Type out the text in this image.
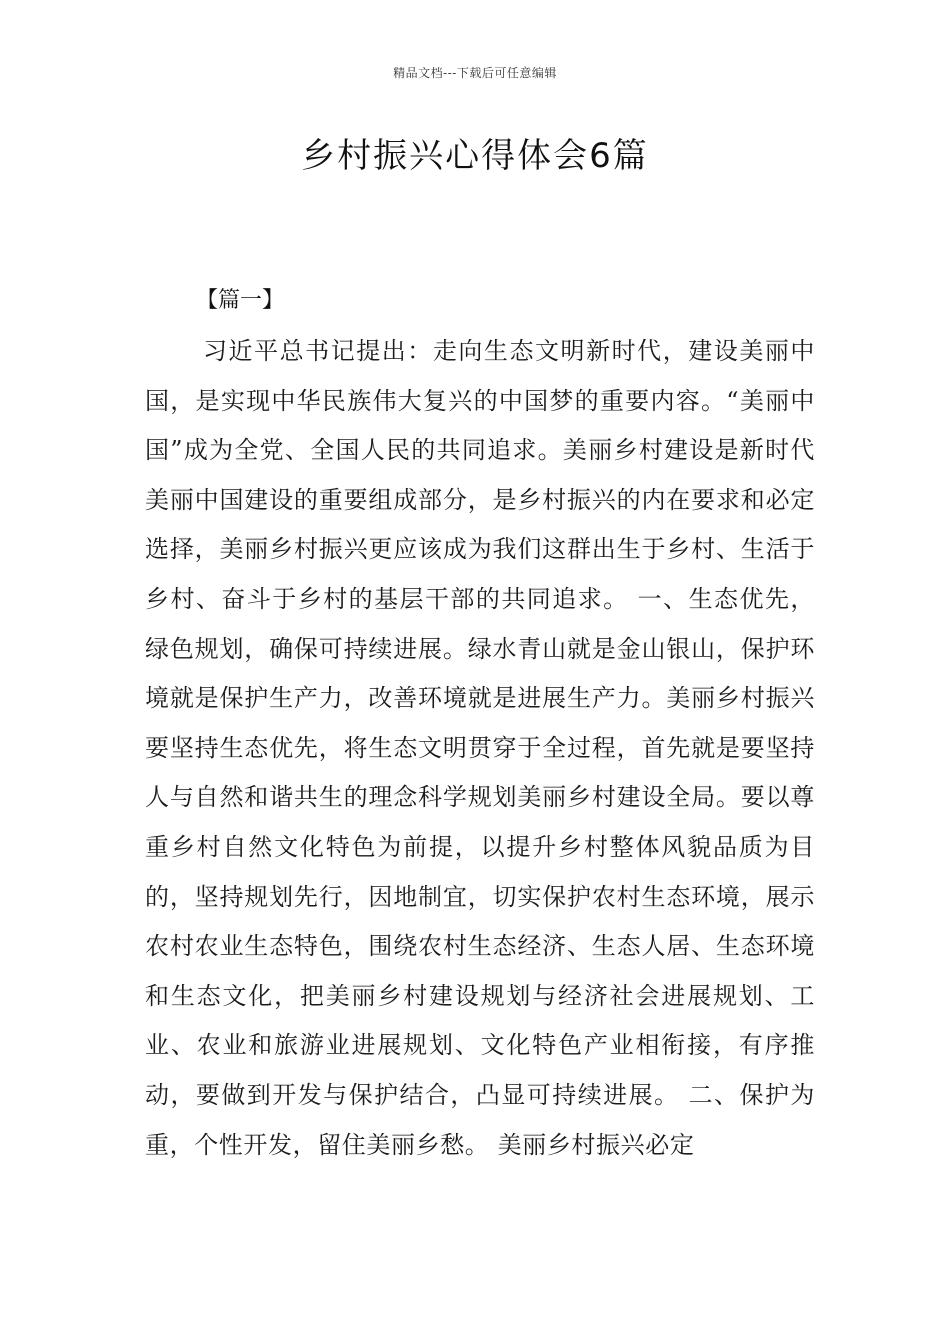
精品文档---下载后可任意编辑
乡村振兴心得体会6篇
【篇一】

习近平总书记提出：走向生态文明新时代，建设美丽中国，是实现中华民族伟大复兴的中国梦的重要内容。“美丽中国”成为全党、全国人民的共同追求。美丽乡村建设是新时代美丽中国建设的重要组成部分，是乡村振兴的内在要求和必定选择，美丽乡村振兴更应该成为我们这群出生于乡村、生活于乡村、奋斗于乡村的基层干部的共同追求。 一、生态优先，绿色规划，确保可持续进展。绿水青山就是金山银山，保护环境就是保护生产力，改善环境就是进展生产力。美丽乡村振兴要坚持生态优先，将生态文明贯穿于全过程，首先就是要坚持人与自然和谐共生的理念科学规划美丽乡村建设全局。要以尊重乡村自然文化特色为前提，以提升乡村整体风貌品质为目的，坚持规划先行，因地制宜，切实保护农村生态环境，展示农村农业生态特色，围绕农村生态经济、生态人居、生态环境和生态文化，把美丽乡村建设规划与经济社会进展规划、工业、农业和旅游业进展规划、文化特色产业相衔接，有序推动，要做到开发与保护结合，凸显可持续进展。 二、保护为重，个性开发，留住美丽乡愁。 美丽乡村振兴必定
